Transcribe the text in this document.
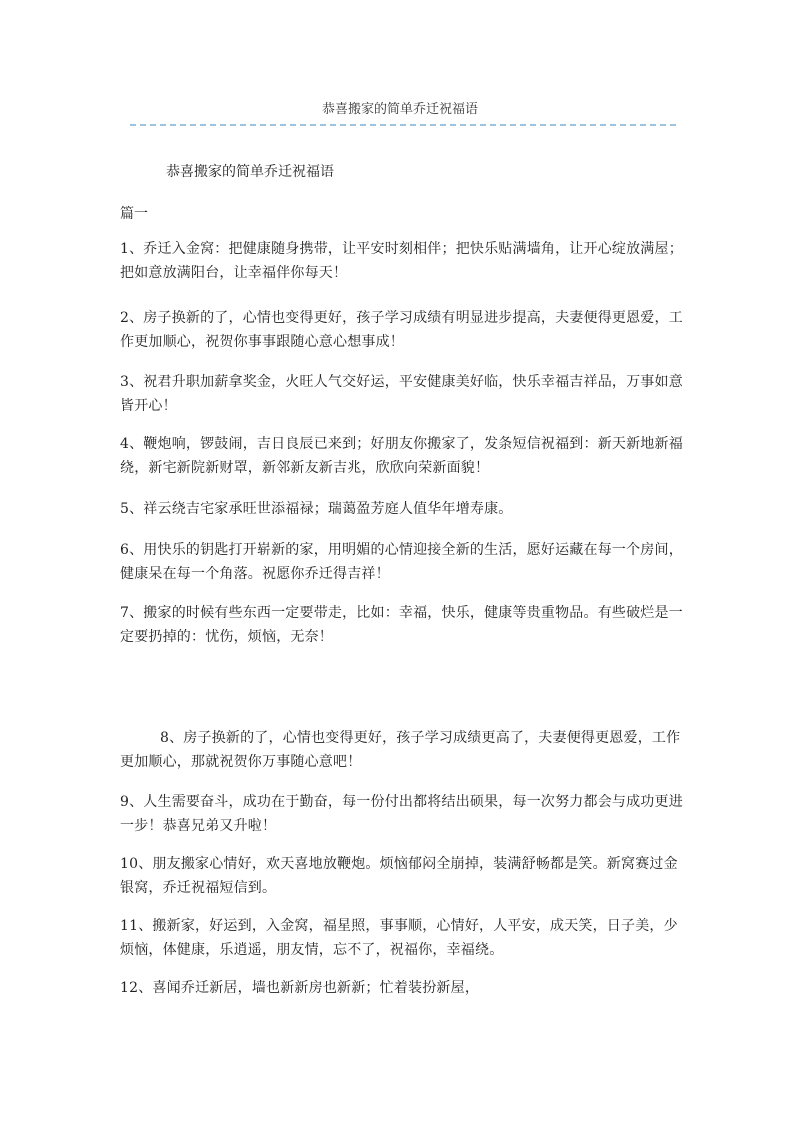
恭喜搬家的简单乔迁祝福语
恭喜搬家的简单乔迁祝福语
篇一
1、乔迁入金窝：把健康随身携带，让平安时刻相伴；把快乐贴满墙角，让开心绽放满屋；把如意放满阳台，让幸福伴你每天！
2、房子换新的了，心情也变得更好，孩子学习成绩有明显进步提高，夫妻便得更恩爱，工作更加顺心，祝贺你事事跟随心意心想事成！
3、祝君升职加薪拿奖金，火旺人气交好运，平安健康美好临，快乐幸福吉祥品，万事如意皆开心！
4、鞭炮响，锣鼓闹，吉日良辰已来到；好朋友你搬家了，发条短信祝福到：新天新地新福绕，新宅新院新财罩，新邻新友新吉兆，欣欣向荣新面貌！
5、祥云绕吉宅家承旺世添福禄；瑞蔼盈芳庭人值华年增寿康。
6、用快乐的钥匙打开崭新的家，用明媚的心情迎接全新的生活，愿好运藏在每一个房间，健康呆在每一个角落。祝愿你乔迁得吉祥！
7、搬家的时候有些东西一定要带走，比如：幸福，快乐，健康等贵重物品。有些破烂是一定要扔掉的：忧伤，烦恼，无奈！
8、房子换新的了，心情也变得更好，孩子学习成绩更高了，夫妻便得更恩爱，工作更加顺心，那就祝贺你万事随心意吧！
9、人生需要奋斗，成功在于勤奋，每一份付出都将结出硕果，每一次努力都会与成功更进一步！恭喜兄弟又升啦！
10、朋友搬家心情好，欢天喜地放鞭炮。烦恼郁闷全崩掉，装满舒畅都是笑。新窝赛过金银窝，乔迁祝福短信到。
11、搬新家，好运到，入金窝，福星照，事事顺，心情好，人平安，成天笑，日子美，少烦恼，体健康，乐逍遥，朋友情，忘不了，祝福你，幸福绕。
12、喜闻乔迁新居，墙也新新房也新新；忙着装扮新屋，
